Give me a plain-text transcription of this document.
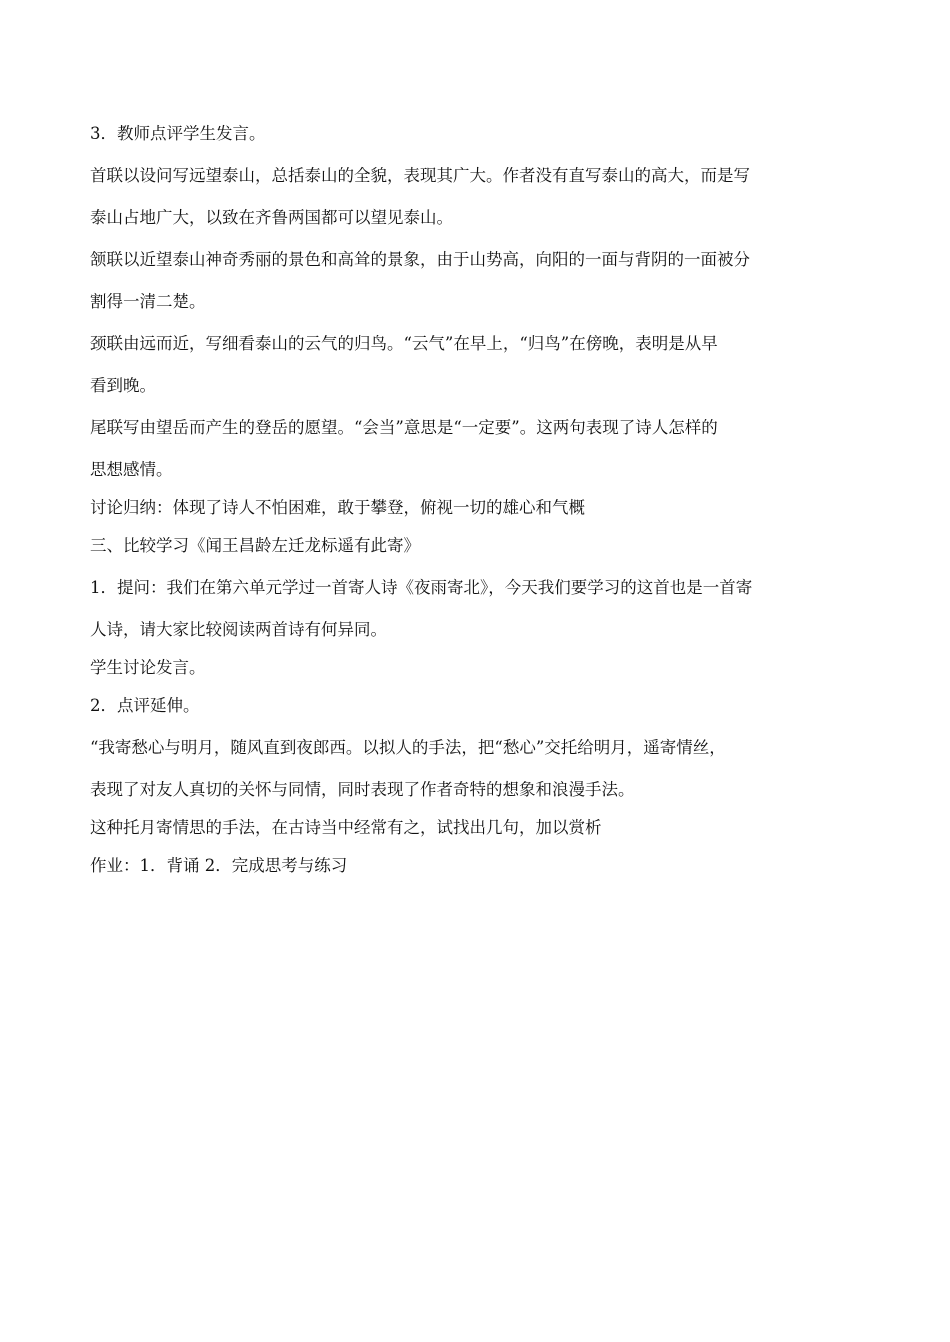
3．教师点评学生发言。

首联以设问写远望泰山，总括泰山的全貌，表现其广大。作者没有直写泰山的高大，而是写

泰山占地广大，以致在齐鲁两国都可以望见泰山。

颔联以近望泰山神奇秀丽的景色和高耸的景象，由于山势高，向阳的一面与背阴的一面被分

割得一清二楚。

颈联由远而近，写细看泰山的云气的归鸟。“云气”在早上，“归鸟”在傍晚，表明是从早

看到晚。

尾联写由望岳而产生的登岳的愿望。“会当”意思是“一定要”。这两句表现了诗人怎样的

思想感情。

讨论归纳：体现了诗人不怕困难，敢于攀登，俯视一切的雄心和气概

三、比较学习《闻王昌龄左迁龙标遥有此寄》

1．提问：我们在第六单元学过一首寄人诗《夜雨寄北》，今天我们要学习的这首也是一首寄

人诗，请大家比较阅读两首诗有何异同。

学生讨论发言。

2．点评延伸。

“我寄愁心与明月，随风直到夜郎西。以拟人的手法，把“愁心”交托给明月，遥寄情丝，

表现了对友人真切的关怀与同情，同时表现了作者奇特的想象和浪漫手法。

这种托月寄情思的手法，在古诗当中经常有之，试找出几句，加以赏析

作业：1．背诵 2．完成思考与练习
